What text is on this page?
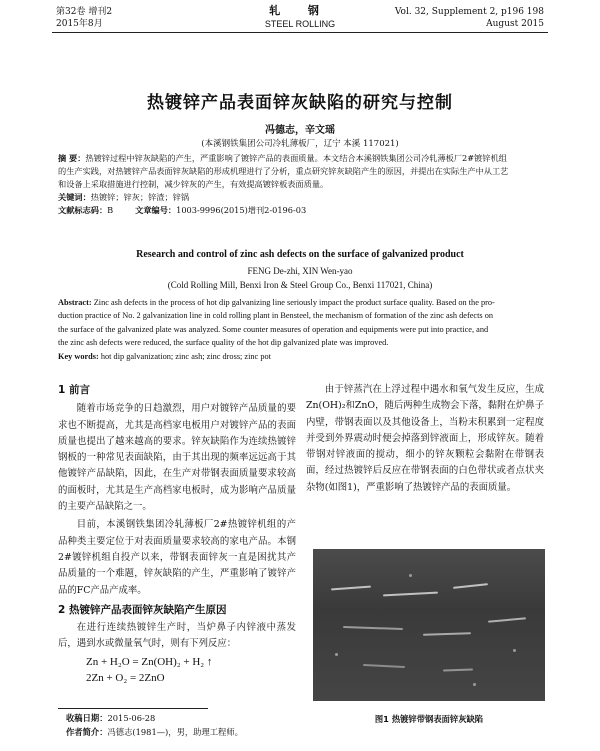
第32卷 增刊2
2015年8月
轧 钢
STEEL ROLLING
Vol. 32, Supplement 2, p196 198
August 2015
热镀锌产品表面锌灰缺陷的研究与控制
冯德志，辛文瑶
(本溪钢铁集团公司冷轧薄板厂，辽宁 本溪 117021)
摘 要：热镀锌过程中锌灰缺陷的产生，严重影响了镀锌产品的表面质量。本文结合本溪钢铁集团公司冷轧薄板厂2#镀锌机组
的生产实践，对热镀锌产品表面锌灰缺陷的形成机理进行了分析，重点研究锌灰缺陷产生的原因，并提出在实际生产中从工艺
和设备上采取措施进行控制，减少锌灰的产生，有效提高镀锌板表面质量。
关键词：热镀锌；锌灰；锌渣；锌锅
文献标志码：B	文章编号：1003-9996(2015)增刊2-0196-03
Research and control of zinc ash defects on the surface of galvanized product
FENG De-zhi, XIN Wen-yao
(Cold Rolling Mill, Benxi Iron & Steel Group Co., Benxi 117021, China)
Abstract: Zinc ash defects in the process of hot dip galvanizing line seriously impact the product surface quality. Based on the pro-
duction practice of No. 2 galvanization line in cold rolling plant in Bensteel, the mechanism of formation of the zinc ash defects on
the surface of the galvanized plate was analyzed. Some counter measures of operation and equipments were put into practice, and
the zinc ash defects were reduced, the surface quality of the hot dip galvanized plate was improved.
Key words: hot dip galvanization; zinc ash; zinc dross; zinc pot
1 前言

随着市场竞争的日趋激烈，用户对镀锌产品质量的要求也不断提高，尤其是高档家电板用户对镀锌产品的表面质量也提出了越来越高的要求。锌灰缺陷作为连续热镀锌钢板的一种常见表面缺陷，由于其出现的频率远远高于其他镀锌产品缺陷，因此，在生产对带钢表面质量要求较高的面板时，尤其是生产高档家电板时，成为影响产品质量的主要产品缺陷之一。

目前，本溪钢铁集团冷轧薄板厂2#热镀锌机组的产品种类主要定位于对表面质量要求较高的家电产品。本钢2#镀锌机组自投产以来，带钢表面锌灰一直是困扰其产品质量的一个难题，锌灰缺陷的产生，严重影响了镀锌产品的FC产品产成率。

2 热镀锌产品表面锌灰缺陷产生原因

在进行连续热镀锌生产时，当炉鼻子内锌液中蒸发后，遇到水或微量氧气时，则有下列反应：

Zn + H₂O = Zn(OH)₂ + H₂ ↑
2Zn + O₂ = 2ZnO

由于锌蒸汽在上浮过程中遇水和氧气发生反应，生成Zn(OH)₂和ZnO，随后两种生成物会下落，黏附在炉鼻子内壁，带钢表面以及其他设备上，当粉末积累到一定程度并受到外界震动时便会掉落到锌液面上，形成锌灰。随着带钢对锌液面的搅动，细小的锌灰颗粒会黏附在带钢表面，经过热镀锌后反应在带钢表面的白色带状或者点状夹杂物(如图1)，严重影响了热镀锌产品的表面质量。

图1 热镀锌带钢表面锌灰缺陷
收稿日期：2015-06-28
作者简介：冯德志(1981—)，男，助理工程师。
